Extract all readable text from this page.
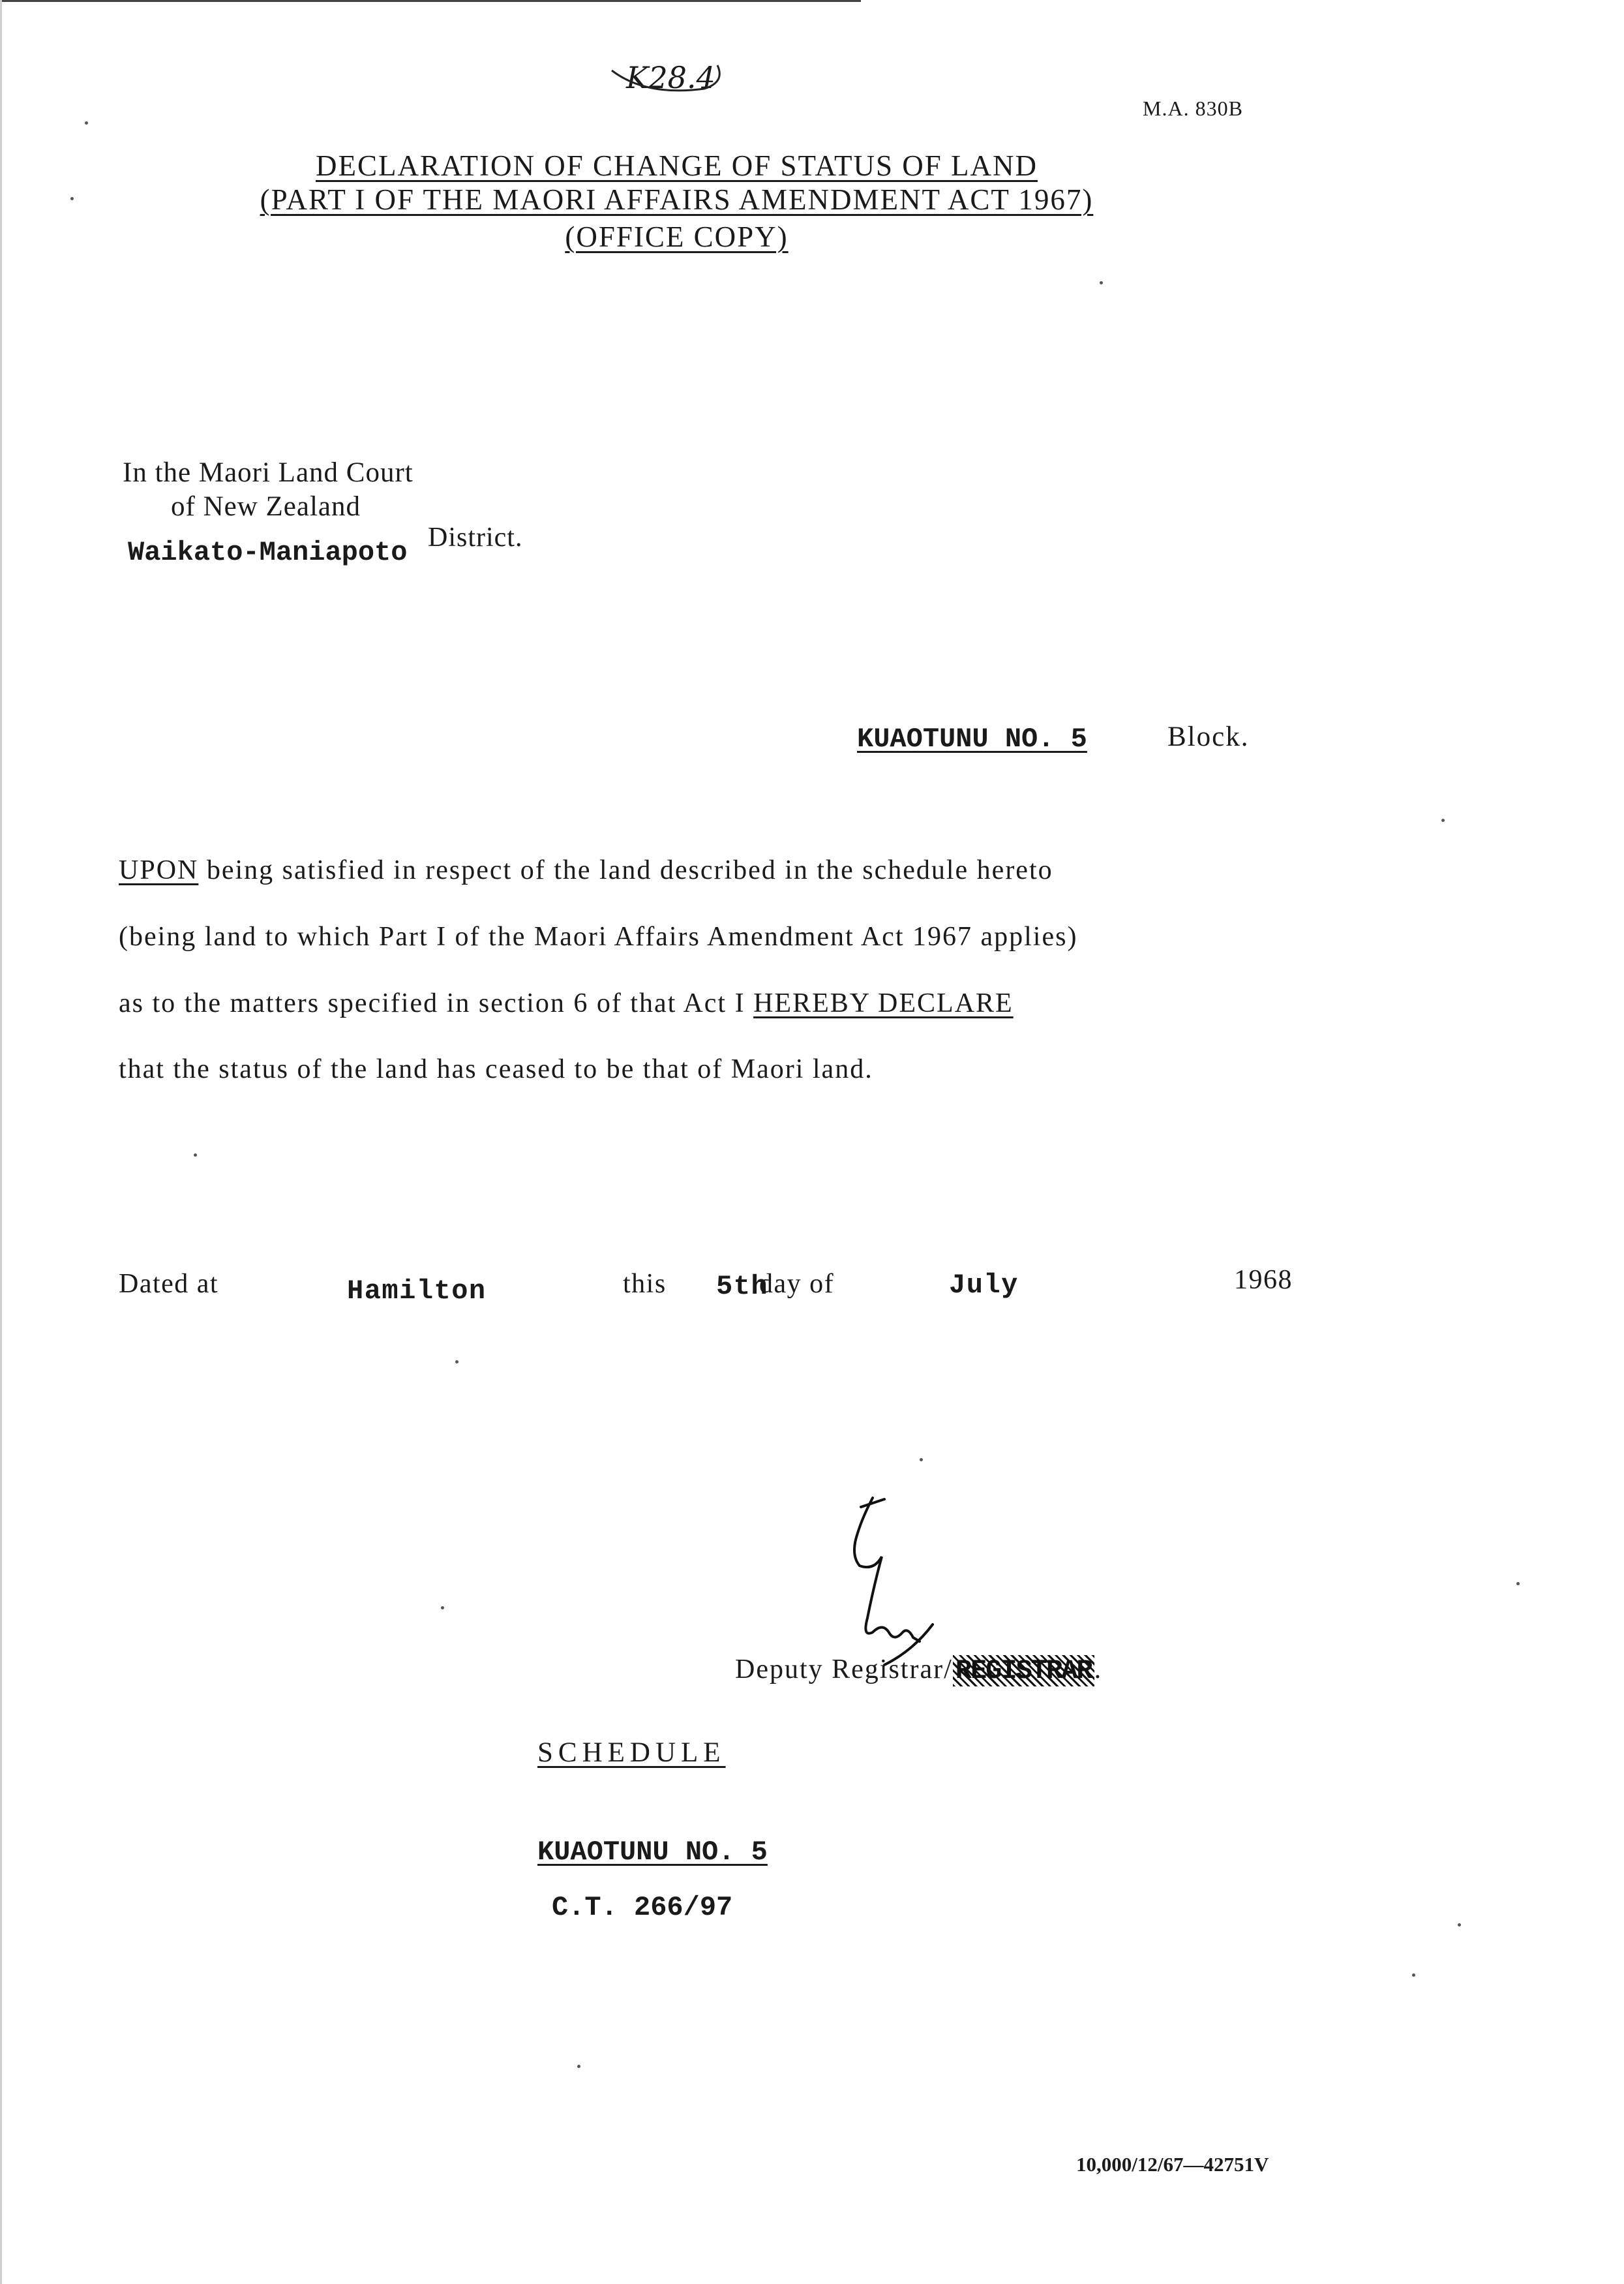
K28.4
M.A. 830B
DECLARATION OF CHANGE OF STATUS OF LAND
(PART I OF THE MAORI AFFAIRS AMENDMENT ACT 1967)
(OFFICE COPY)
In the Maori Land Court
of New Zealand
Waikato-Maniapoto District.
KUAOTUNU NO. 5	Block.
UPON being satisfied in respect of the land described in the schedule hereto
(being land to which Part I of the Maori Affairs Amendment Act 1967 applies)
as to the matters specified in section 6 of that Act I HEREBY DECLARE
that the status of the land has ceased to be that of Maori land.
Dated at	Hamilton	this 5th
day of	July	1968
Deputy Registrar/REGISTRAR.
SCHEDULE
KUAOTUNU NO. 5
C.T. 266/97
10,000/12/67—42751V
